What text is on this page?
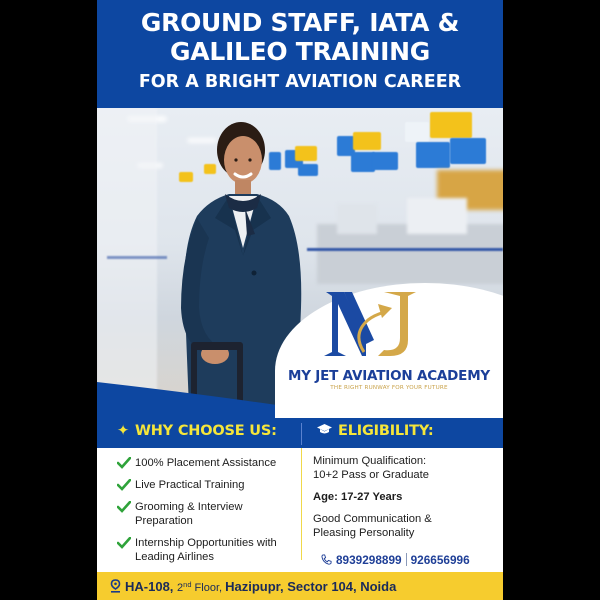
GROUND STAFF, IATA &
GALILEO TRAINING
FOR A BRIGHT AVIATION CAREER
MY JET AVIATION ACADEMY
THE RIGHT RUNWAY FOR YOUR FUTURE
✦ WHY CHOOSE US:	ELIGIBILITY:
100% Placement Assistance
Live Practical Training
Grooming & Interview Preparation
Internship Opportunities with Leading Airlines
Minimum Qualification: 10+2 Pass or Graduate
Age: 17-27 Years
Good Communication & Pleasing Personality
8939298899 926656996
HA-108, 2nd Floor, Hazipupr, Sector 104, Noida
